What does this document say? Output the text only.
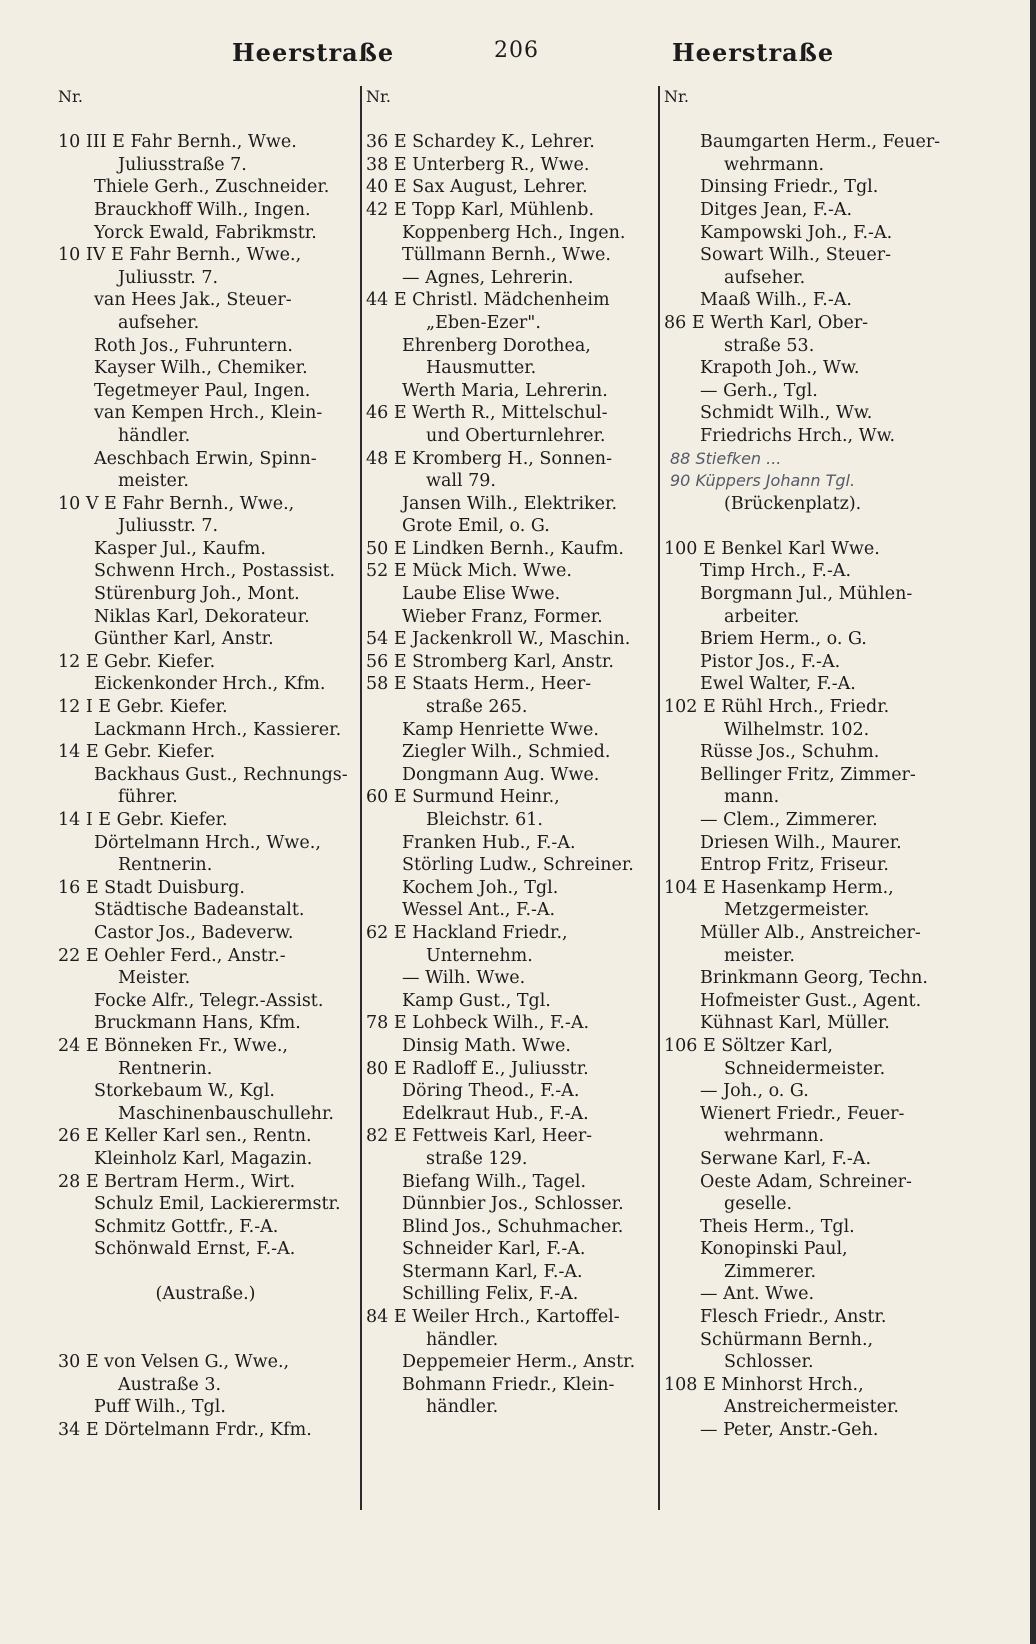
Heerstraße	206	Heerstraße
Nr.
10 III E Fahr Bernh., Wwe.
Juliusstraße 7.
Thiele Gerh., Zuschneider.
Brauckhoff Wilh., Ingen.
Yorck Ewald, Fabrikmstr.
10 IV E Fahr Bernh., Wwe.,
Juliusstr. 7.
van Hees Jak., Steuer-
aufseher.
Roth Jos., Fuhruntern.
Kayser Wilh., Chemiker.
Tegetmeyer Paul, Ingen.
van Kempen Hrch., Klein-
händler.
Aeschbach Erwin, Spinn-
meister.
10 V E Fahr Bernh., Wwe.,
Juliusstr. 7.
Kasper Jul., Kaufm.
Schwenn Hrch., Postassist.
Stürenburg Joh., Mont.
Niklas Karl, Dekorateur.
Günther Karl, Anstr.
12 E Gebr. Kiefer.
Eickenkonder Hrch., Kfm.
12 I E Gebr. Kiefer.
Lackmann Hrch., Kassierer.
14 E Gebr. Kiefer.
Backhaus Gust., Rechnungs-
führer.
14 I E Gebr. Kiefer.
Dörtelmann Hrch., Wwe.,
Rentnerin.
16 E Stadt Duisburg.
Städtische Badeanstalt.
Castor Jos., Badeverw.
22 E Oehler Ferd., Anstr.-
Meister.
Focke Alfr., Telegr.-Assist.
Bruckmann Hans, Kfm.
24 E Bönneken Fr., Wwe.,
Rentnerin.
Storkebaum W., Kgl.
Maschinenbauschullehr.
26 E Keller Karl sen., Rentn.
Kleinholz Karl, Magazin.
28 E Bertram Herm., Wirt.
Schulz Emil, Lackierermstr.
Schmitz Gottfr., F.-A.
Schönwald Ernst, F.-A.
(Austraße.)
30 E von Velsen G., Wwe.,
Austraße 3.
Puff Wilh., Tgl.
34 E Dörtelmann Frdr., Kfm.
Nr.
36 E Schardey K., Lehrer.
38 E Unterberg R., Wwe.
40 E Sax August, Lehrer.
42 E Topp Karl, Mühlenb.
Koppenberg Hch., Ingen.
Tüllmann Bernh., Wwe.
— Agnes, Lehrerin.
44 E Christl. Mädchenheim
„Eben-Ezer".
Ehrenberg Dorothea,
Hausmutter.
Werth Maria, Lehrerin.
46 E Werth R., Mittelschul-
und Oberturnlehrer.
48 E Kromberg H., Sonnen-
wall 79.
Jansen Wilh., Elektriker.
Grote Emil, o. G.
50 E Lindken Bernh., Kaufm.
52 E Mück Mich. Wwe.
Laube Elise Wwe.
Wieber Franz, Former.
54 E Jackenkroll W., Maschin.
56 E Stromberg Karl, Anstr.
58 E Staats Herm., Heer-
straße 265.
Kamp Henriette Wwe.
Ziegler Wilh., Schmied.
Dongmann Aug. Wwe.
60 E Surmund Heinr.,
Bleichstr. 61.
Franken Hub., F.-A.
Störling Ludw., Schreiner.
Kochem Joh., Tgl.
Wessel Ant., F.-A.
62 E Hackland Friedr.,
Unternehm.
— Wilh. Wwe.
Kamp Gust., Tgl.
78 E Lohbeck Wilh., F.-A.
Dinsig Math. Wwe.
80 E Radloff E., Juliusstr.
Döring Theod., F.-A.
Edelkraut Hub., F.-A.
82 E Fettweis Karl, Heer-
straße 129.
Biefang Wilh., Tagel.
Dünnbier Jos., Schlosser.
Blind Jos., Schuhmacher.
Schneider Karl, F.-A.
Stermann Karl, F.-A.
Schilling Felix, F.-A.
84 E Weiler Hrch., Kartoffel-
händler.
Deppemeier Herm., Anstr.
Bohmann Friedr., Klein-
händler.
Nr.
Baumgarten Herm., Feuer-
wehrmann.
Dinsing Friedr., Tgl.
Ditges Jean, F.-A.
Kampowski Joh., F.-A.
Sowart Wilh., Steuer-
aufseher.
Maaß Wilh., F.-A.
86 E Werth Karl, Ober-
straße 53.
Krapoth Joh., Ww.
— Gerh., Tgl.
Schmidt Wilh., Ww.
Friedrichs Hrch., Ww.
88 Stiefken ...
90 Küppers Johann Tgl.
(Brückenplatz).
100 E Benkel Karl Wwe.
Timp Hrch., F.-A.
Borgmann Jul., Mühlen-
arbeiter.
Briem Herm., o. G.
Pistor Jos., F.-A.
Ewel Walter, F.-A.
102 E Rühl Hrch., Friedr.
Wilhelmstr. 102.
Rüsse Jos., Schuhm.
Bellinger Fritz, Zimmer-
mann.
— Clem., Zimmerer.
Driesen Wilh., Maurer.
Entrop Fritz, Friseur.
104 E Hasenkamp Herm.,
Metzgermeister.
Müller Alb., Anstreicher-
meister.
Brinkmann Georg, Techn.
Hofmeister Gust., Agent.
Kühnast Karl, Müller.
106 E Söltzer Karl,
Schneidermeister.
— Joh., o. G.
Wienert Friedr., Feuer-
wehrmann.
Serwane Karl, F.-A.
Oeste Adam, Schreiner-
geselle.
Theis Herm., Tgl.
Konopinski Paul,
Zimmerer.
— Ant. Wwe.
Flesch Friedr., Anstr.
Schürmann Bernh.,
Schlosser.
108 E Minhorst Hrch.,
Anstreichermeister.
— Peter, Anstr.-Geh.
